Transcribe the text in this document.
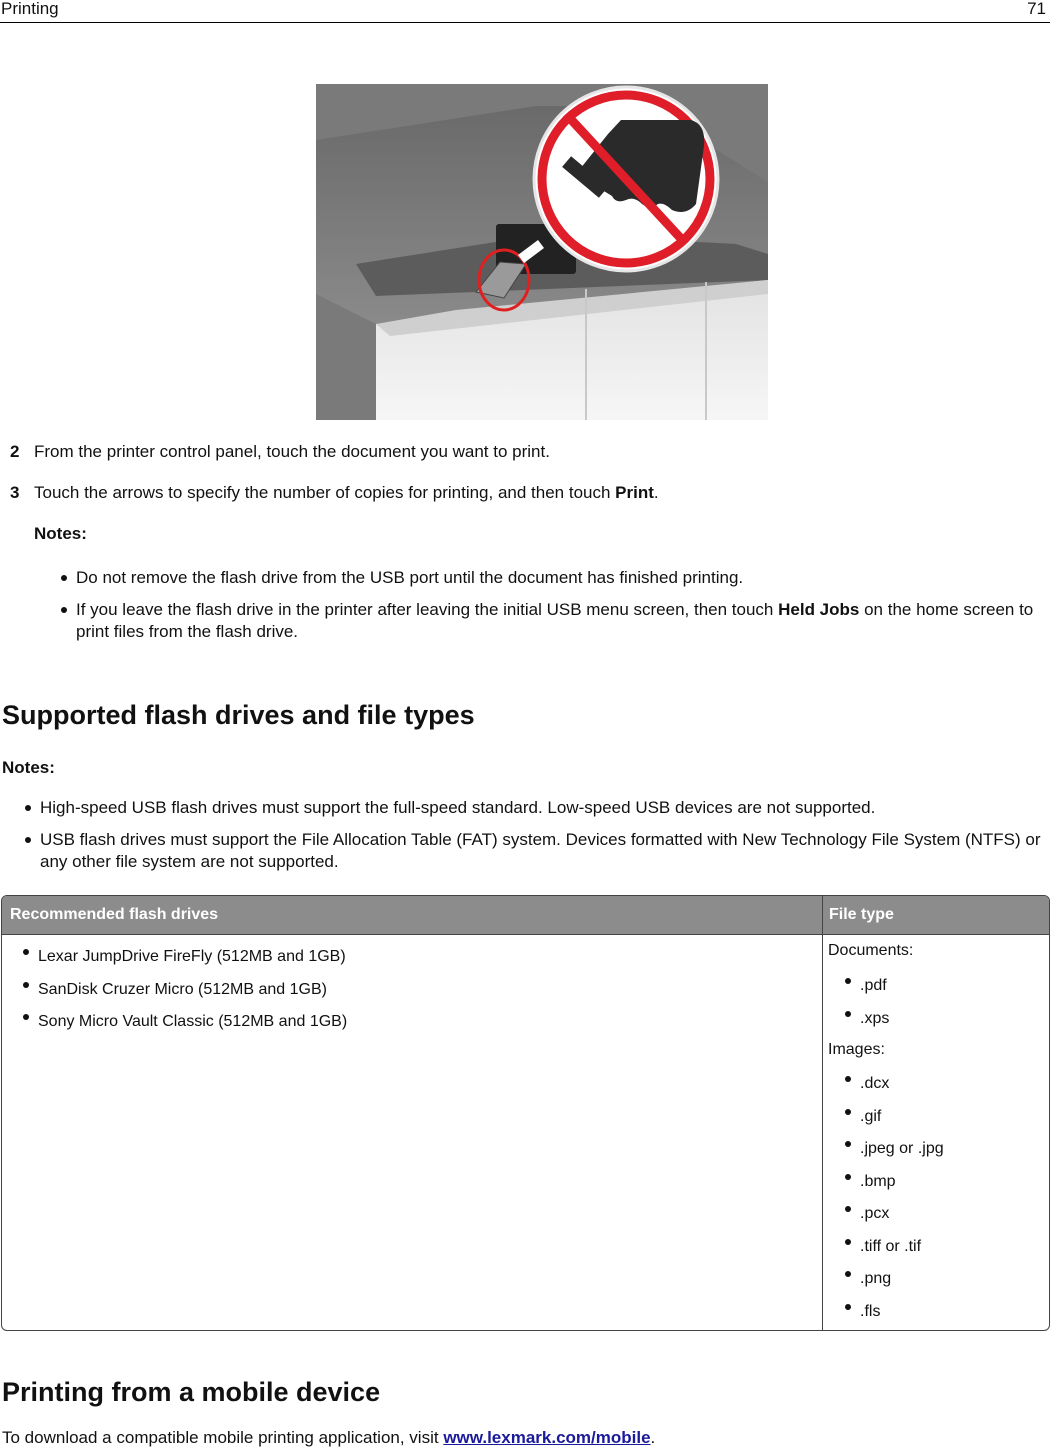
Printing	71
2 From the printer control panel, touch the document you want to print.
3 Touch the arrows to specify the number of copies for printing, and then touch Print.
Notes:
Do not remove the flash drive from the USB port until the document has finished printing.
If you leave the flash drive in the printer after leaving the initial USB menu screen, then touch Held Jobs on the home screen to print files from the flash drive.
Supported flash drives and file types
Notes:
High-speed USB flash drives must support the full-speed standard. Low-speed USB devices are not supported.
USB flash drives must support the File Allocation Table (FAT) system. Devices formatted with New Technology File System (NTFS) or any other file system are not supported.
Recommended flash drives	File type
Lexar JumpDrive FireFly (512MB and 1GB)
SanDisk Cruzer Micro (512MB and 1GB)
Sony Micro Vault Classic (512MB and 1GB)
Documents:
.pdf
.xps
Images:
.dcx
.gif
.jpeg or .jpg
.bmp
.pcx
.tiff or .tif
.png
.fls
Printing from a mobile device
To download a compatible mobile printing application, visit www.lexmark.com/mobile.
